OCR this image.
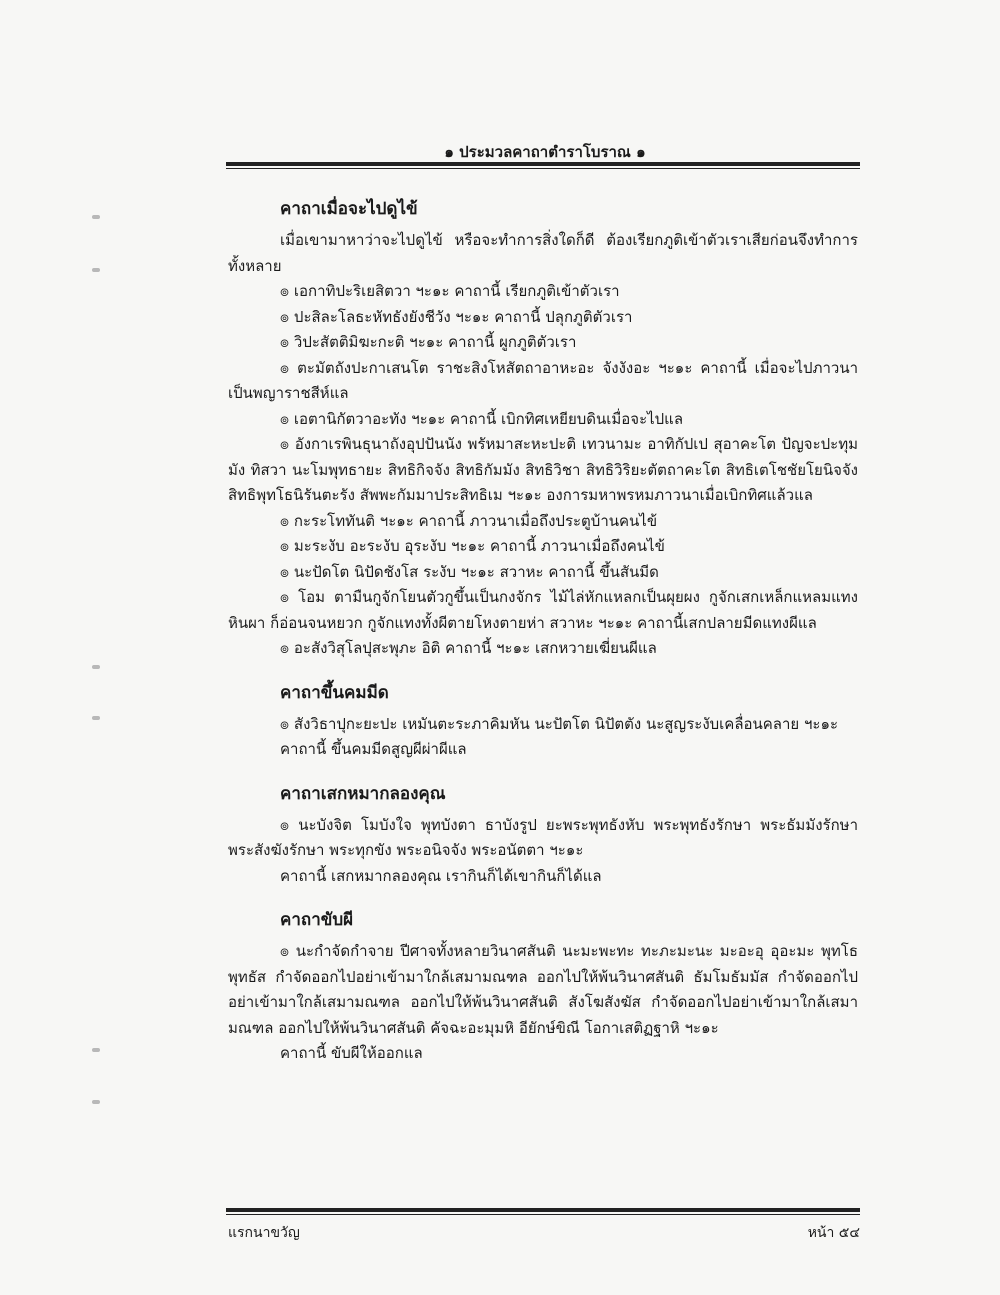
๑ ประมวลคาถาตำราโบราณ ๑
คาถาเมื่อจะไปดูไข้

เมื่อเขามาหาว่าจะไปดูไข้ หรือจะทำการสิ่งใดก็ดี ต้องเรียกภูติเข้าตัวเราเสียก่อนจึงทำการทั้งหลาย

๏ เอกาทิปะริเยสิตวา ฯะ๑ะ คาถานี้ เรียกภูติเข้าตัวเรา

๏ ปะสิละโลธะหัทธังยังชีวัง ฯะ๑ะ คาถานี้ ปลุกภูติตัวเรา

๏ วิปะสัตติมิฆะกะติ ฯะ๑ะ คาถานี้ ผูกภูติตัวเรา

๏ ตะมัตถังปะกาเสนโต ราชะสิงโหสัตถาอาหะอะ จังงังอะ ฯะ๑ะ คาถานี้ เมื่อจะไปภาวนาเป็นพญาราชสีห์แล

๏ เอตานิกัตวาอะทัง ฯะ๑ะ คาถานี้ เบิกทิศเหยียบดินเมื่อจะไปแล

๏ อังกาเรพินธุนาถังอุปปันนัง พรัหมาสะหะปะติ เทวนามะ อาทิกัปเป สุอาคะโต ปัญจะปะทุมมัง ทิสวา นะโมพุทธายะ สิทธิกิจจัง สิทธิกัมมัง สิทธิวิชา สิทธิวิริยะตัตถาคะโต สิทธิเตโชชัยโยนิจจัง สิทธิพุทโธนิรันตะรัง สัพพะกัมมาประสิทธิเม ฯะ๑ะ องการมหาพรหมภาวนาเมื่อเบิกทิศแล้วแล

๏ กะระโททันติ ฯะ๑ะ คาถานี้ ภาวนาเมื่อถึงประตูบ้านคนไข้

๏ มะระงับ อะระงับ อุระงับ ฯะ๑ะ คาถานี้ ภาวนาเมื่อถึงคนไข้

๏ นะปัดโต นิปัดชังโส ระงับ ฯะ๑ะ สวาหะ คาถานี้ ขึ้นสันมีด

๏ โอม ตามืนกูจักโยนตัวกูขึ้นเป็นกงจักร ไม้ไล่หักแหลกเป็นผุยผง กูจักเสกเหล็กแหลมแทงหินผา ก็อ่อนจนหยวก กูจักแทงทั้งผีตายโหงตายห่า สวาหะ ฯะ๑ะ คาถานี้เสกปลายมีดแทงผีแล

๏ อะสังวิสุโลปุสะพุภะ อิติ คาถานี้ ฯะ๑ะ เสกหวายเฆี่ยนผีแล

คาถาขึ้นคมมีด

๏ สังวิธาปุกะยะปะ เหมันตะระภาคิมหัน นะปัตโต นิปัตตัง นะสูญระงับเคลื่อนคลาย ฯะ๑ะ

คาถานี้ ขึ้นคมมีดสูญผีผ่าผีแล

คาถาเสกหมากลองคุณ

๏ นะบังจิต โมบังใจ พุทบังตา ธาบังรูป ยะพระพุทธังหับ พระพุทธังรักษา พระธัมมังรักษา พระสังฆังรักษา พระทุกขัง พระอนิจจัง พระอนัตตา ฯะ๑ะ

คาถานี้ เสกหมากลองคุณ เรากินก็ได้เขากินก็ได้แล

คาถาขับผี

๏ นะกำจัดกำจาย ปีศาจทั้งหลายวินาศสันติ นะมะพะทะ ทะภะมะนะ มะอะอุ อุอะมะ พุทโธพุทธัส กำจัดออกไปอย่าเข้ามาใกล้เสมามณฑล ออกไปให้พ้นวินาศสันติ ธัมโมธัมมัส กำจัดออกไปอย่าเข้ามาใกล้เสมามณฑล ออกไปให้พ้นวินาศสันติ สังโฆสังฆัส กำจัดออกไปอย่าเข้ามาใกล้เสมามณฑล ออกไปให้พ้นวินาศสันติ คัจฉะอะมุมหิ อียักษ์ขิณี โอกาเสติฏฐาหิ ฯะ๑ะ

คาถานี้ ขับผีให้ออกแล

แรกนาขวัญ	หน้า ๕๔
